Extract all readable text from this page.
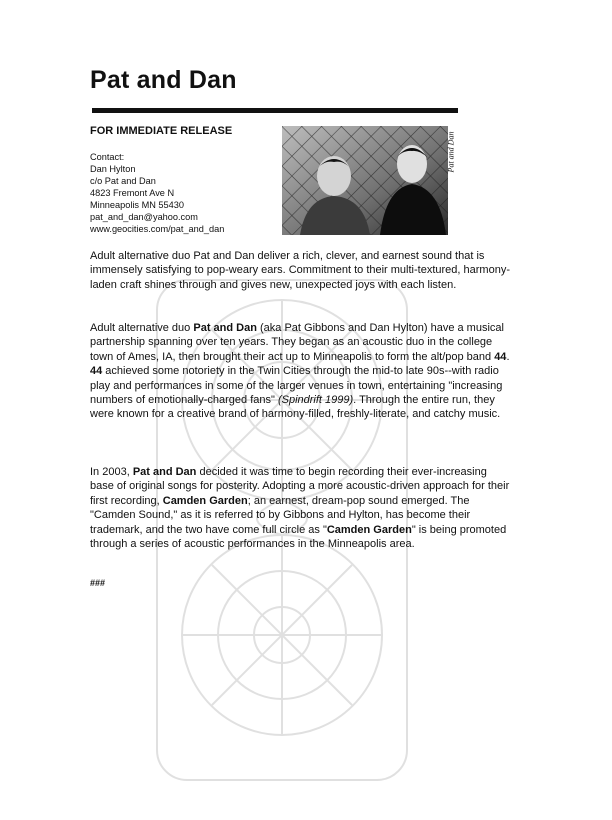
Pat and Dan

FOR IMMEDIATE RELEASE

Contact:
Dan Hylton
c/o Pat and Dan
4823 Fremont Ave N
Minneapolis MN 55430
pat_and_dan@yahoo.com
www.geocities.com/pat_and_dan
Pat and Dan

Adult alternative duo Pat and Dan deliver a rich, clever, and earnest sound that is immensely satisfying to pop-weary ears. Commitment to their multi-textured, harmony-laden craft shines through and gives new, unexpected joys with each listen.

Adult alternative duo Pat and Dan (aka Pat Gibbons and Dan Hylton) have a musical partnership spanning over ten years. They began as an acoustic duo in the college town of Ames, IA, then brought their act up to Minneapolis to form the alt/pop band 44. 44 achieved some notoriety in the Twin Cities through the mid-to late 90s--with radio play and performances in some of the larger venues in town, entertaining "increasing numbers of emotionally-charged fans" (Spindrift 1999). Through the entire run, they were known for a creative brand of harmony-filled, freshly-literate, and catchy music.

In 2003, Pat and Dan decided it was time to begin recording their ever-increasing base of original songs for posterity. Adopting a more acoustic-driven approach for their first recording, Camden Garden; an earnest, dream-pop sound emerged. The "Camden Sound," as it is referred to by Gibbons and Hylton, has become their trademark, and the two have come full circle as "Camden Garden" is being promoted through a series of acoustic performances in the Minneapolis area.

###
